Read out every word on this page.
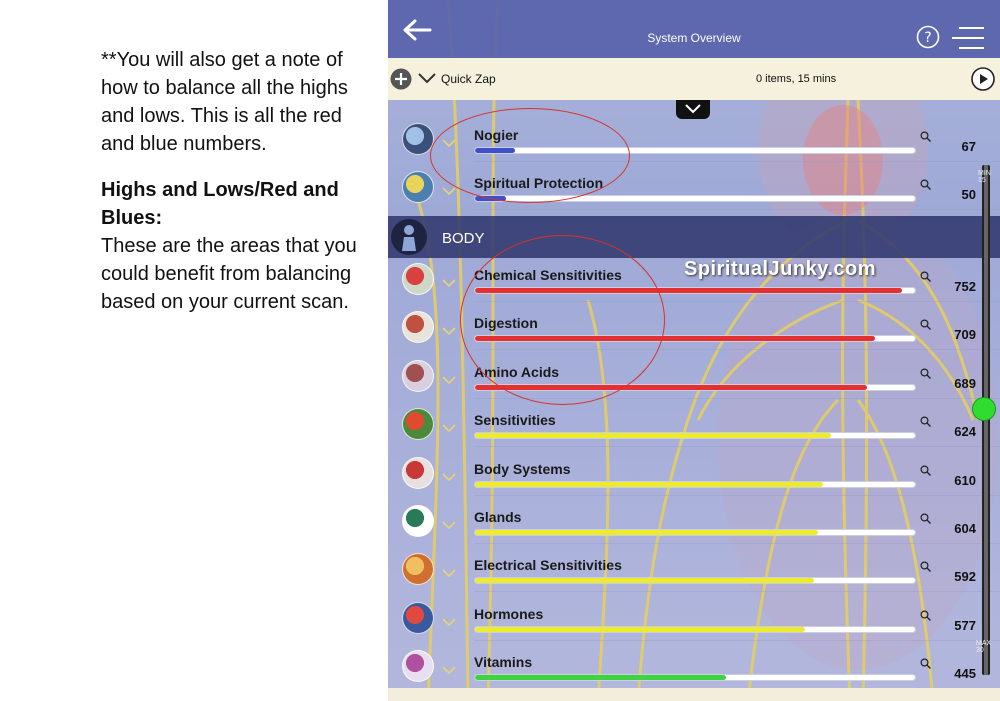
**You will also get a note of how to balance all the highs and lows. This is all the red and blue numbers.

Highs and Lows/Red and Blues:

These are the areas that you could benefit from balancing based on your current scan.

System Overview	?
Quick Zap	0 items, 15 mins
Nogier
67
Spiritual Protection
50
BODY
Chemical Sensitivities
752
Digestion
709
Amino Acids
689
Sensitivities
624
Body Systems
610
Glands
604
Electrical Sensitivities
592
Hormones
577
Vitamins
445
SpiritualJunky.com
MIN 15
MAX 30
